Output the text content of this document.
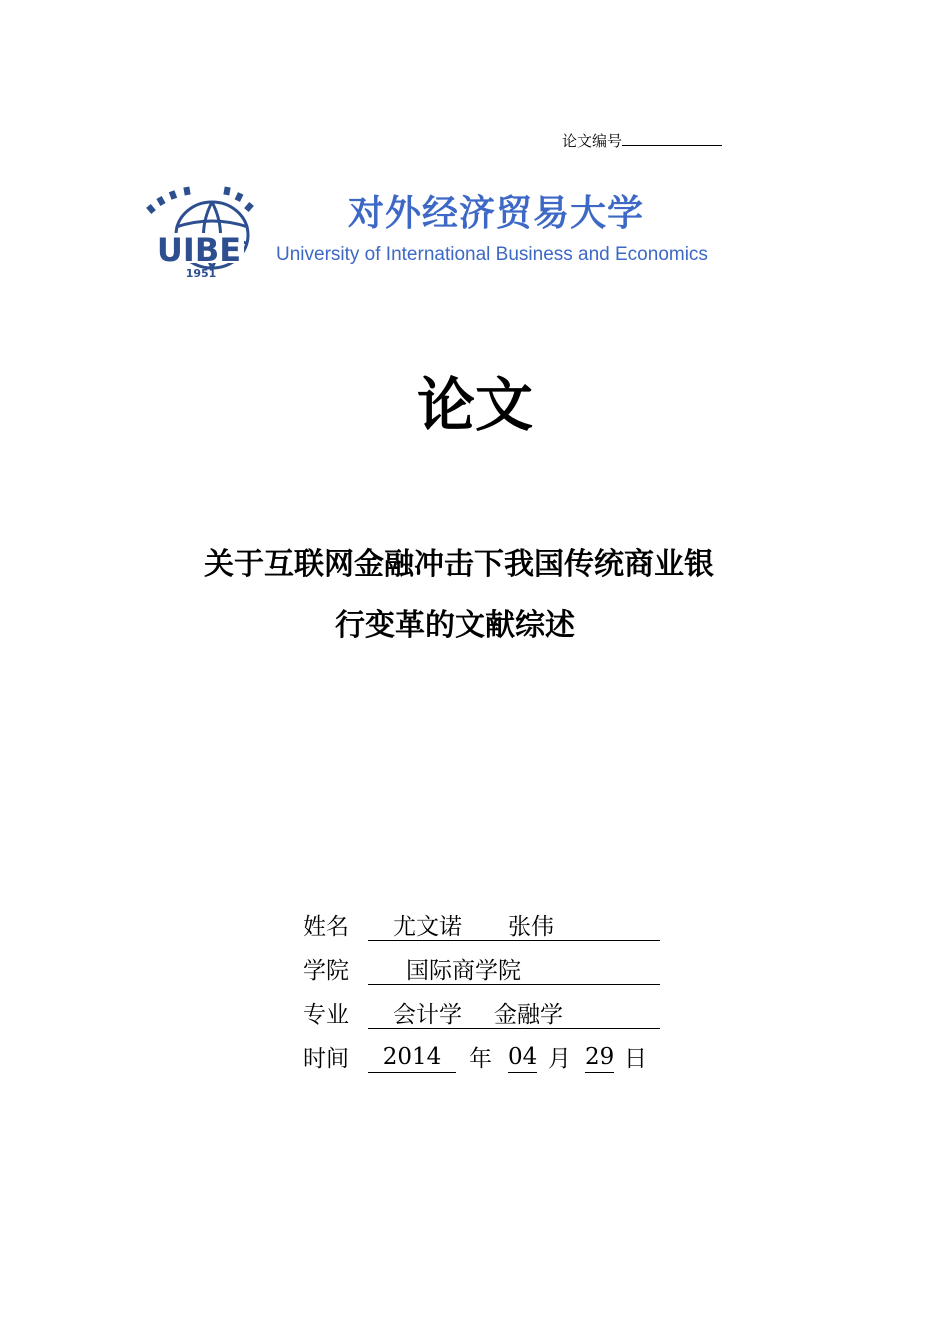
论文编号
UIBE
1951
对外经济贸易大学
University of International Business and Economics
论文
关于互联网金融冲击下我国传统商业银
行变革的文献综述
姓名 尤文诺 张伟
学院 国际商学院
专业 会计学 金融学
时间	2014	年 04 月 29 日
